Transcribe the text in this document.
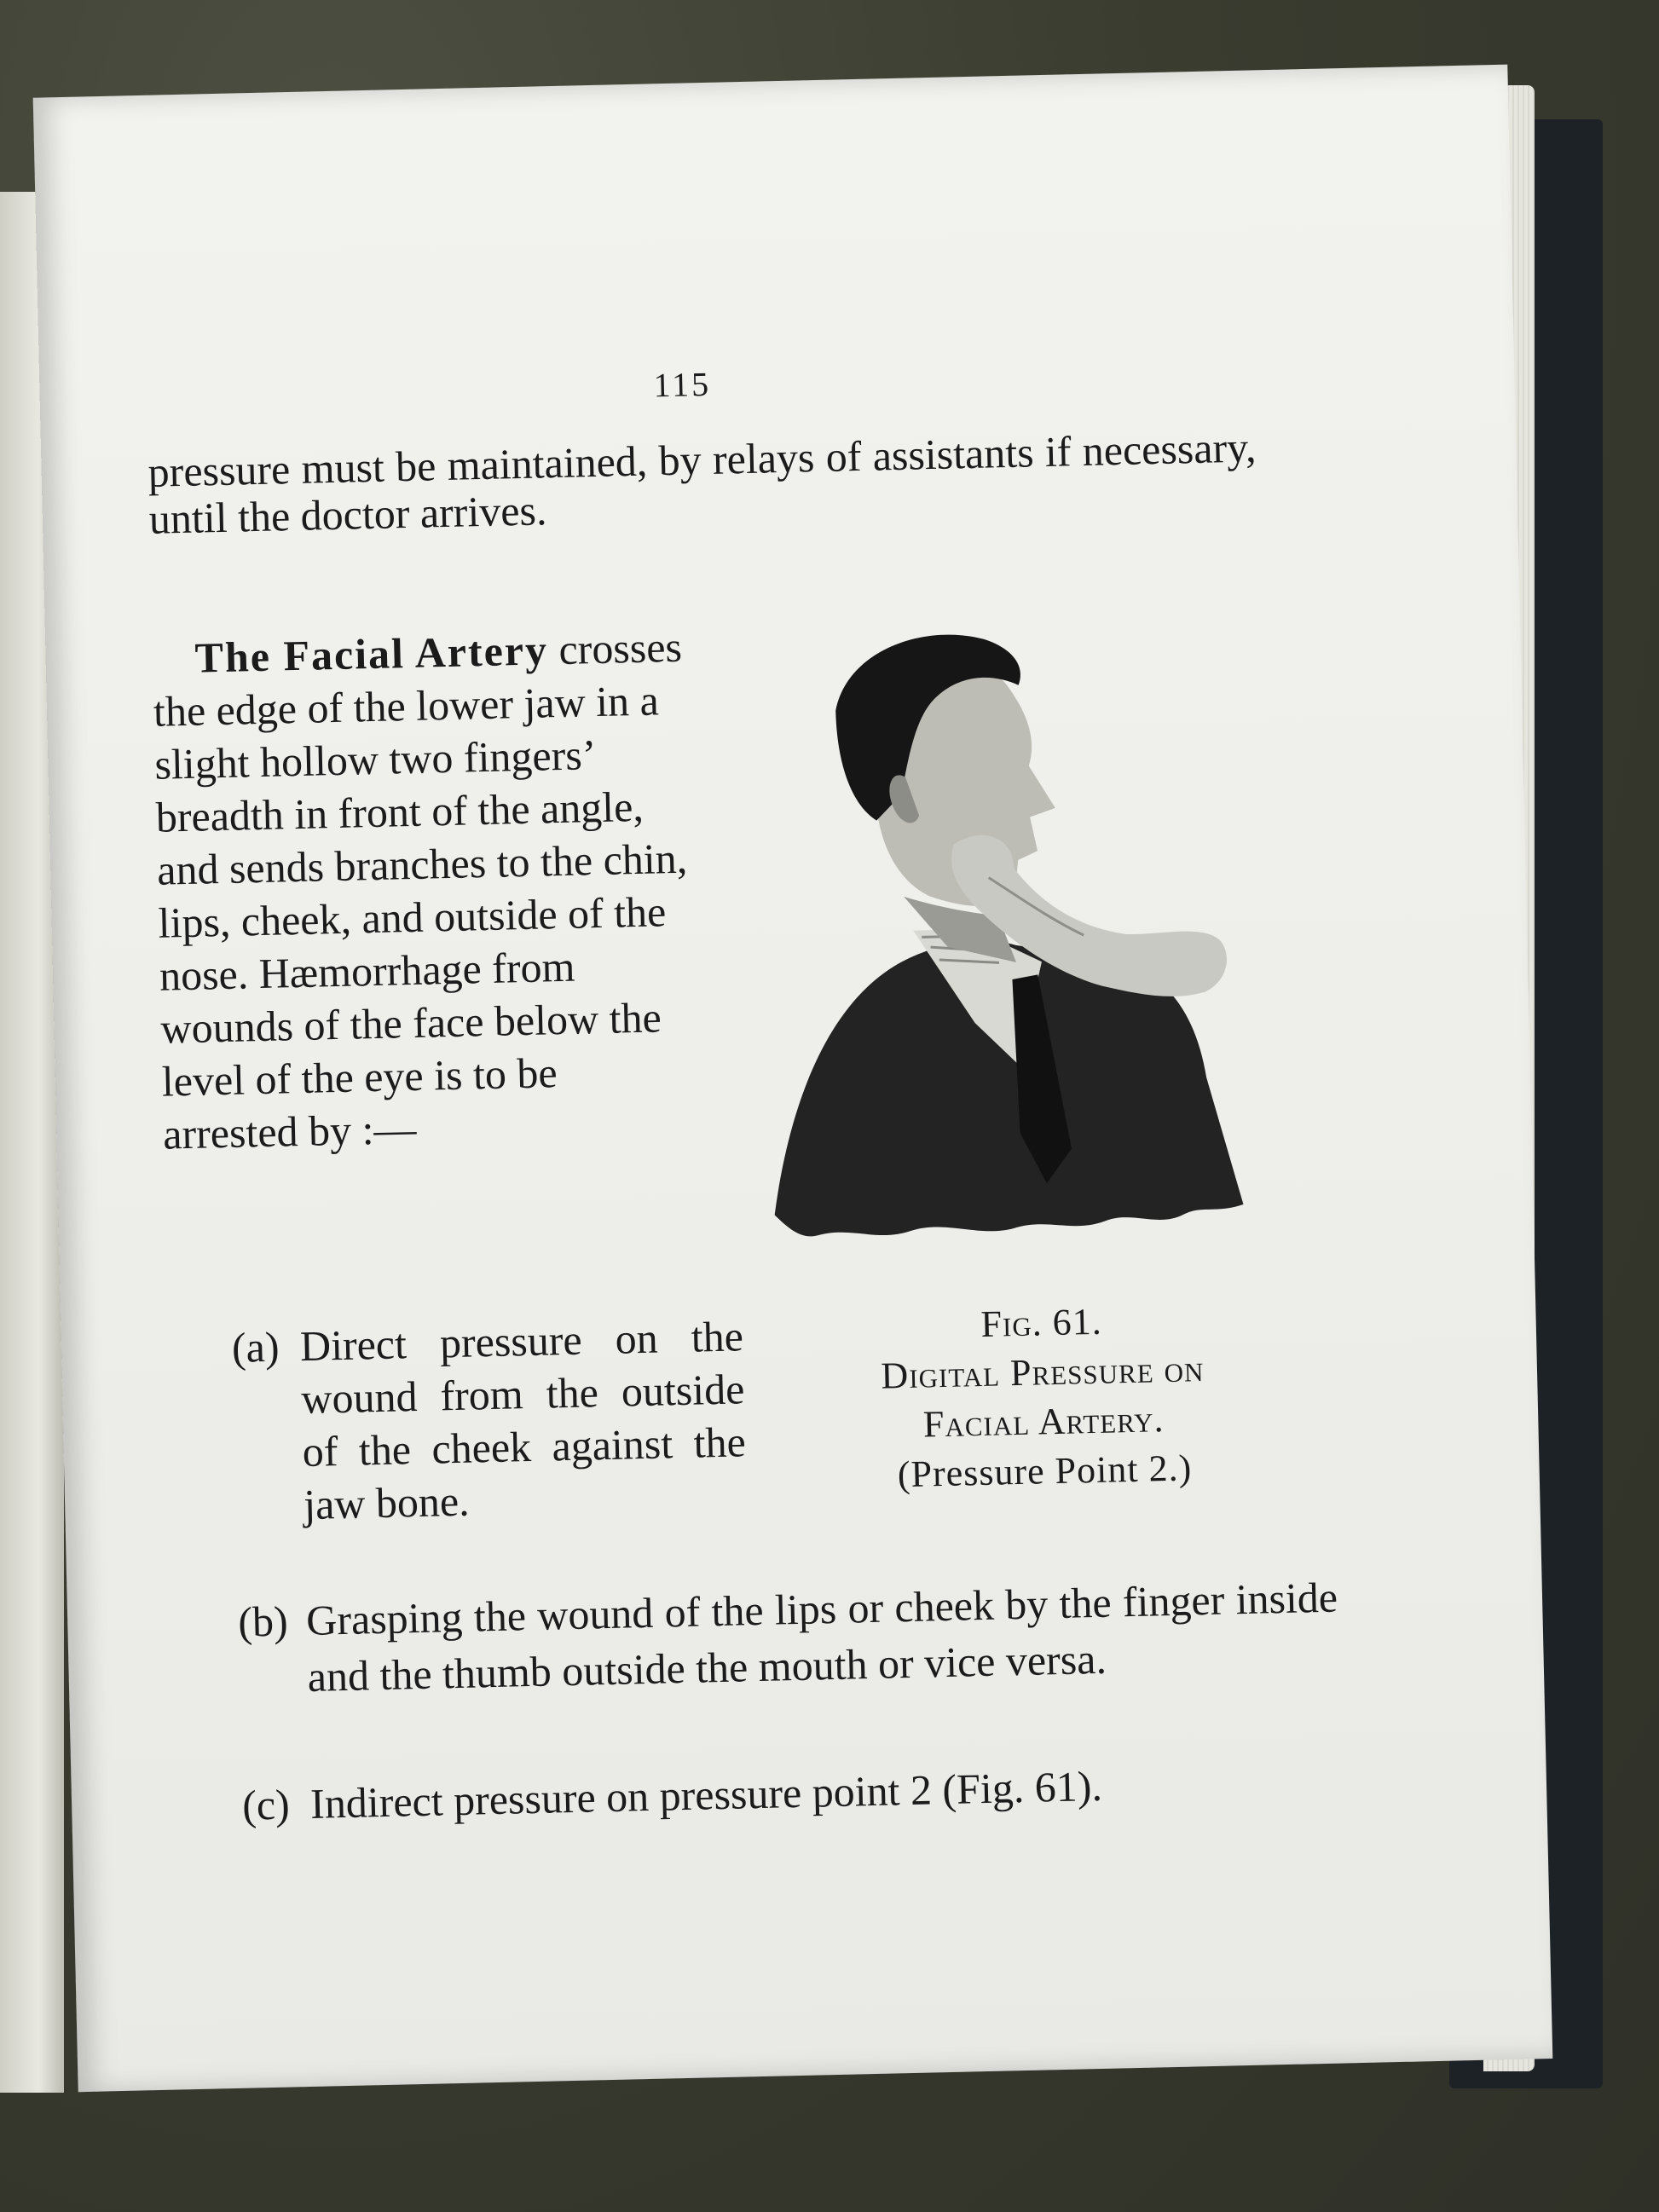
115
pressure must be maintained, by relays of assistants if necessary, until the doctor arrives.
The Facial Artery crosses the edge of the lower jaw in a slight hollow two fingers’ breadth in front of the angle, and sends branches to the chin, lips, cheek, and outside of the nose. Hæmorrhage from wounds of the face below the level of the eye is to be arrested by :—
Fig. 61.
Digital Pressure on
Facial Artery.
(Pressure Point 2.)
(a) Direct pressure on the wound from the outside of the cheek against the jaw bone.
(b) Grasping the wound of the lips or cheek by the finger inside and the thumb outside the mouth or vice versa.
(c) Indirect pressure on pressure point 2 (Fig. 61).
